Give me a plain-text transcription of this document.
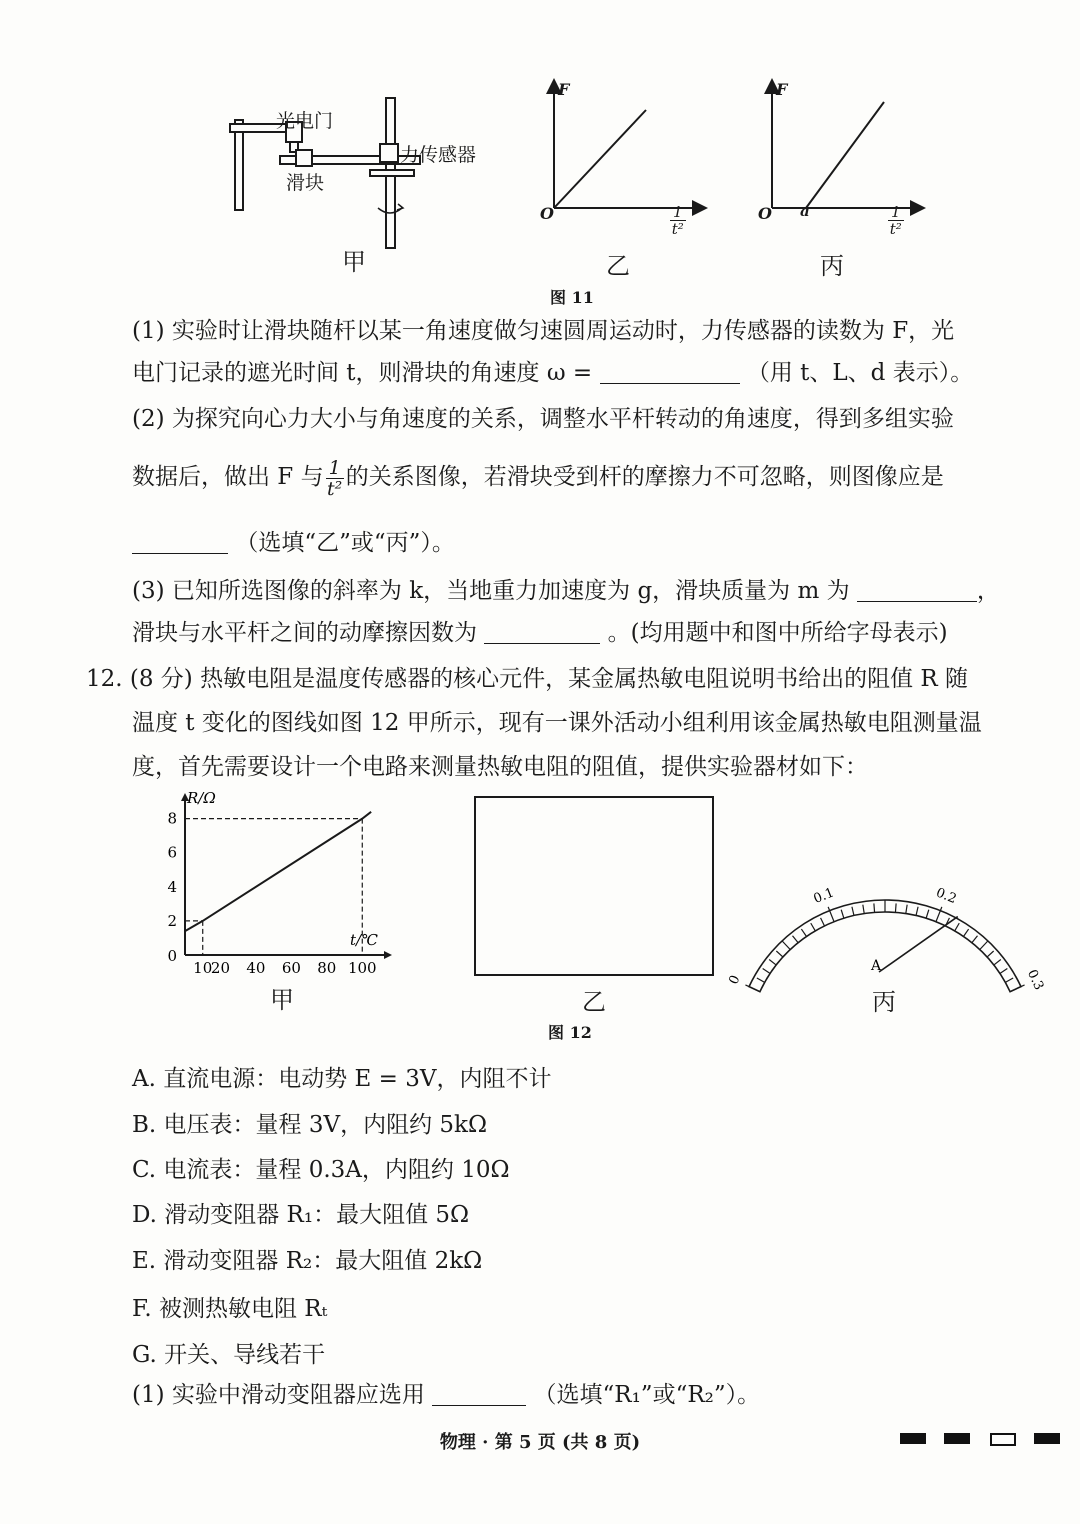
光电门
力传感器
滑块
甲
F
O	$\frac{1}{\text{t²}}$
乙
F
O a	$\frac{1}{\text{t²}}$
丙
图 11
(1) 实验时让滑块随杆以某一角速度做匀速圆周运动时，力传感器的读数为 F，光
电门记录的遮光时间 t，则滑块的角速度 ω =	（用 t、L、d 表示）。
(2) 为探究向心力大小与角速度的关系，调整水平杆转动的角速度，得到多组实验
数据后，做出 F 与 $\frac{1}{\text{t²}}$ 的关系图像，若滑块受到杆的摩擦力不可忽略，则图像应是
（选填“乙”或“丙”）。
(3) 已知所选图像的斜率为 k，当地重力加速度为 g，滑块质量为 m 为	，
滑块与水平杆之间的动摩擦因数为	。(均用题中和图中所给字母表示)
12. (8 分) 热敏电阻是温度传感器的核心元件，某金属热敏电阻说明书给出的阻值 R 随
温度 t 变化的图线如图 12 甲所示，现有一课外活动小组利用该金属热敏电阻测量温
度，首先需要设计一个电路来测量热敏电阻的阻值，提供实验器材如下：
10
20 40 60 80 100
2
4
6
8
0
R/Ω
t/℃
甲	乙
0
0.1	0.2
0.3
A
丙
图 12
A. 直流电源：电动势 E = 3V，内阻不计
B. 电压表：量程 3V，内阻约 5kΩ
C. 电流表：量程 0.3A，内阻约 10Ω
D. 滑动变阻器 R₁：最大阻值 5Ω
E. 滑动变阻器 R₂：最大阻值 2kΩ
F. 被测热敏电阻 Rₜ
G. 开关、导线若干
(1) 实验中滑动变阻器应选用	（选填“R₁”或“R₂”）。
物理 · 第 5 页 (共 8 页)
